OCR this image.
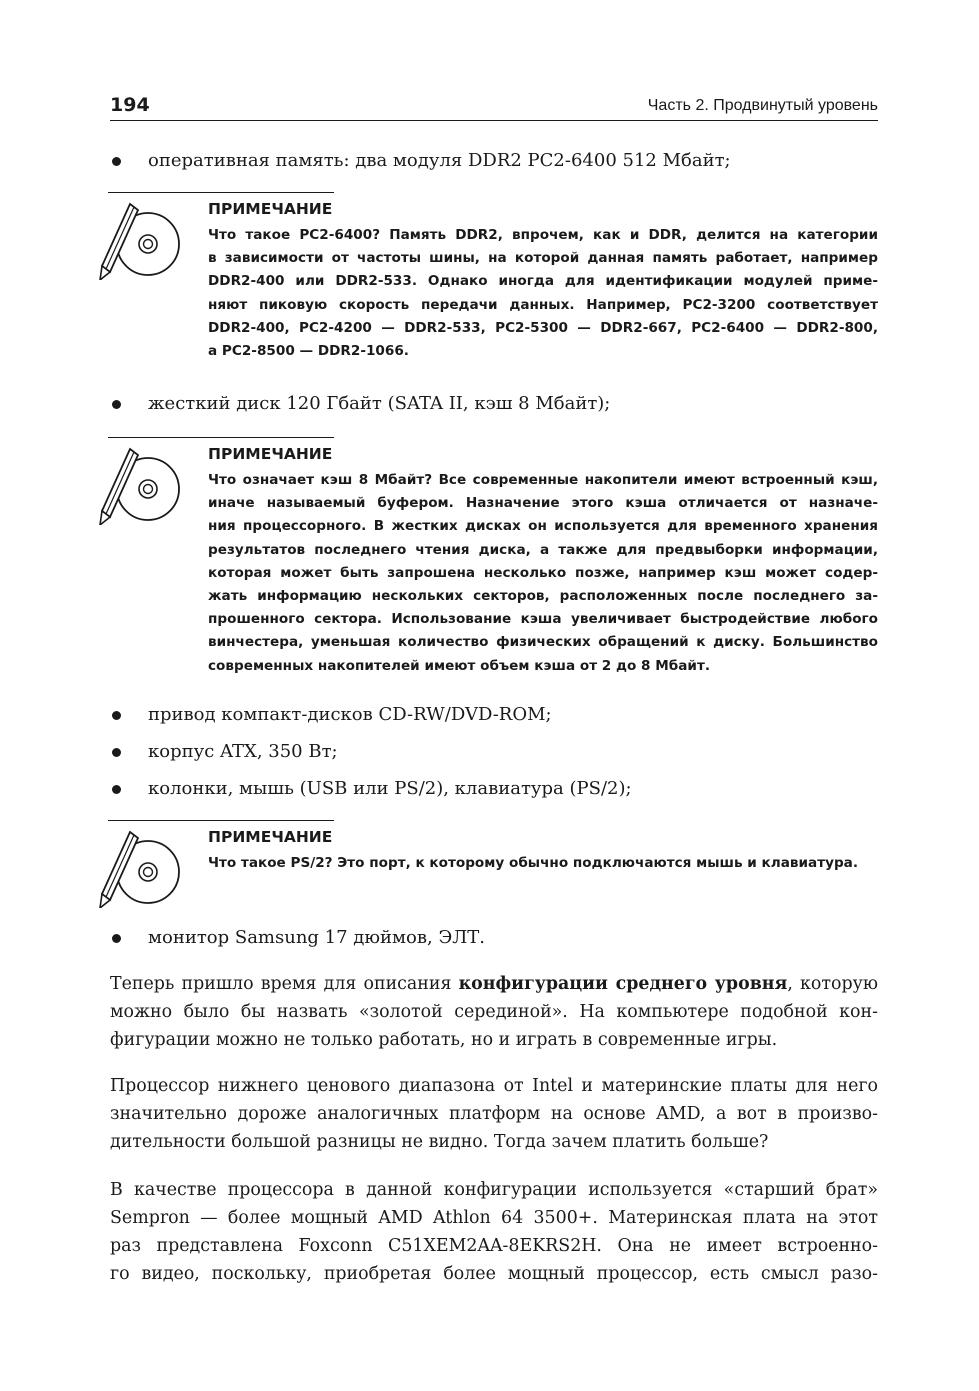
194	Часть 2. Продвинутый уровень
оперативная память: два модуля DDR2 PC2-6400 512 Мбайт;
ПРИМЕЧАНИЕ
Что такое PC2-6400? Память DDR2, впрочем, как и DDR, делится на категории
в зависимости от частоты шины, на которой данная память работает, например
DDR2-400 или DDR2-533. Однако иногда для идентификации модулей приме-
няют пиковую скорость передачи данных. Например, PC2-3200 соответствует
DDR2-400, PC2-4200 — DDR2-533, PC2-5300 — DDR2-667, PC2-6400 — DDR2-800,
а PC2-8500 — DDR2-1066.
жесткий диск 120 Гбайт (SATA II, кэш 8 Мбайт);
ПРИМЕЧАНИЕ
Что означает кэш 8 Мбайт? Все современные накопители имеют встроенный кэш,
иначе называемый буфером. Назначение этого кэша отличается от назначе-
ния процессорного. В жестких дисках он используется для временного хранения
результатов последнего чтения диска, а также для предвыборки информации,
которая может быть запрошена несколько позже, например кэш может содер-
жать информацию нескольких секторов, расположенных после последнего за-
прошенного сектора. Использование кэша увеличивает быстродействие любого
винчестера, уменьшая количество физических обращений к диску. Большинство
современных накопителей имеют объем кэша от 2 до 8 Мбайт.
привод компакт-дисков CD-RW/DVD-ROM;
корпус ATX, 350 Вт;
колонки, мышь (USB или PS/2), клавиатура (PS/2);
ПРИМЕЧАНИЕ
Что такое PS/2? Это порт, к которому обычно подключаются мышь и клавиатура.
монитор Samsung 17 дюймов, ЭЛТ.
Теперь пришло время для описания конфигурации среднего уровня, которую
можно было бы назвать «золотой серединой». На компьютере подобной кон-
фигурации можно не только работать, но и играть в современные игры.
Процессор нижнего ценового диапазона от Intel и материнские платы для него
значительно дороже аналогичных платформ на основе AMD, а вот в произво-
дительности большой разницы не видно. Тогда зачем платить больше?
В качестве процессора в данной конфигурации используется «старший брат»
Sempron — более мощный AMD Athlon 64 3500+. Материнская плата на этот
раз представлена Foxconn C51XEM2AA-8EKRS2H. Она не имеет встроенно-
го видео, поскольку, приобретая более мощный процессор, есть смысл разо-
